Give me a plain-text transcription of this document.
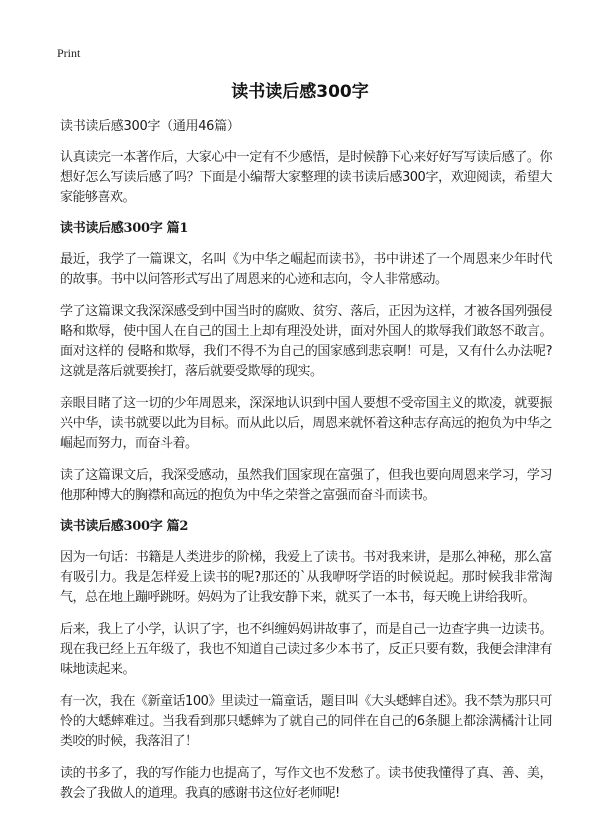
Print
读书读后感300字
读书读后感300字（通用46篇）

认真读完一本著作后，大家心中一定有不少感悟，是时候静下心来好好写写读后感了。你想好怎么写读后感了吗？下面是小编帮大家整理的读书读后感300字，欢迎阅读，希望大家能够喜欢。

读书读后感300字 篇1

最近，我学了一篇课文，名叫《为中华之崛起而读书》，书中讲述了一个周恩来少年时代的故事。书中以问答形式写出了周恩来的心迹和志向，令人非常感动。

学了这篇课文我深深感受到中国当时的腐败、贫穷、落后，正因为这样，才被各国列强侵略和欺辱，使中国人在自己的国土上却有理没处讲，面对外国人的欺辱我们敢怒不敢言。面对这样的 侵略和欺辱，我们不得不为自己的国家感到悲哀啊！可是，又有什么办法呢?这就是落后就要挨打，落后就要受欺辱的现实。

亲眼目睹了这一切的少年周恩来，深深地认识到中国人要想不受帝国主义的欺凌，就要振兴中华，读书就要以此为目标。而从此以后，周恩来就怀着这种志存高远的抱负为中华之崛起而努力，而奋斗着。

读了这篇课文后，我深受感动，虽然我们国家现在富强了，但我也要向周恩来学习，学习他那种博大的胸襟和高远的抱负为中华之荣誉之富强而奋斗而读书。

读书读后感300字 篇2

因为一句话：书籍是人类进步的阶梯，我爱上了读书。书对我来讲，是那么神秘，那么富有吸引力。我是怎样爱上读书的呢?那还的`从我咿呀学语的时候说起。那时候我非常淘气，总在地上蹦呼跳呀。妈妈为了让我安静下来，就买了一本书，每天晚上讲给我听。

后来，我上了小学，认识了字，也不纠缠妈妈讲故事了，而是自己一边查字典一边读书。现在我已经上五年级了，我也不知道自己读过多少本书了，反正只要有数，我便会津津有味地读起来。

有一次，我在《新童话100》里读过一篇童话，题目叫《大头蟋蟀自述》。我不禁为那只可怜的大蟋蟀难过。当我看到那只蟋蟀为了就自己的同伴在自己的6条腿上都涂满橘汁让同类咬的时候，我落泪了！

读的书多了，我的写作能力也提高了，写作文也不发愁了。读书使我懂得了真、善、美，教会了我做人的道理。我真的感谢书这位好老师呢!
